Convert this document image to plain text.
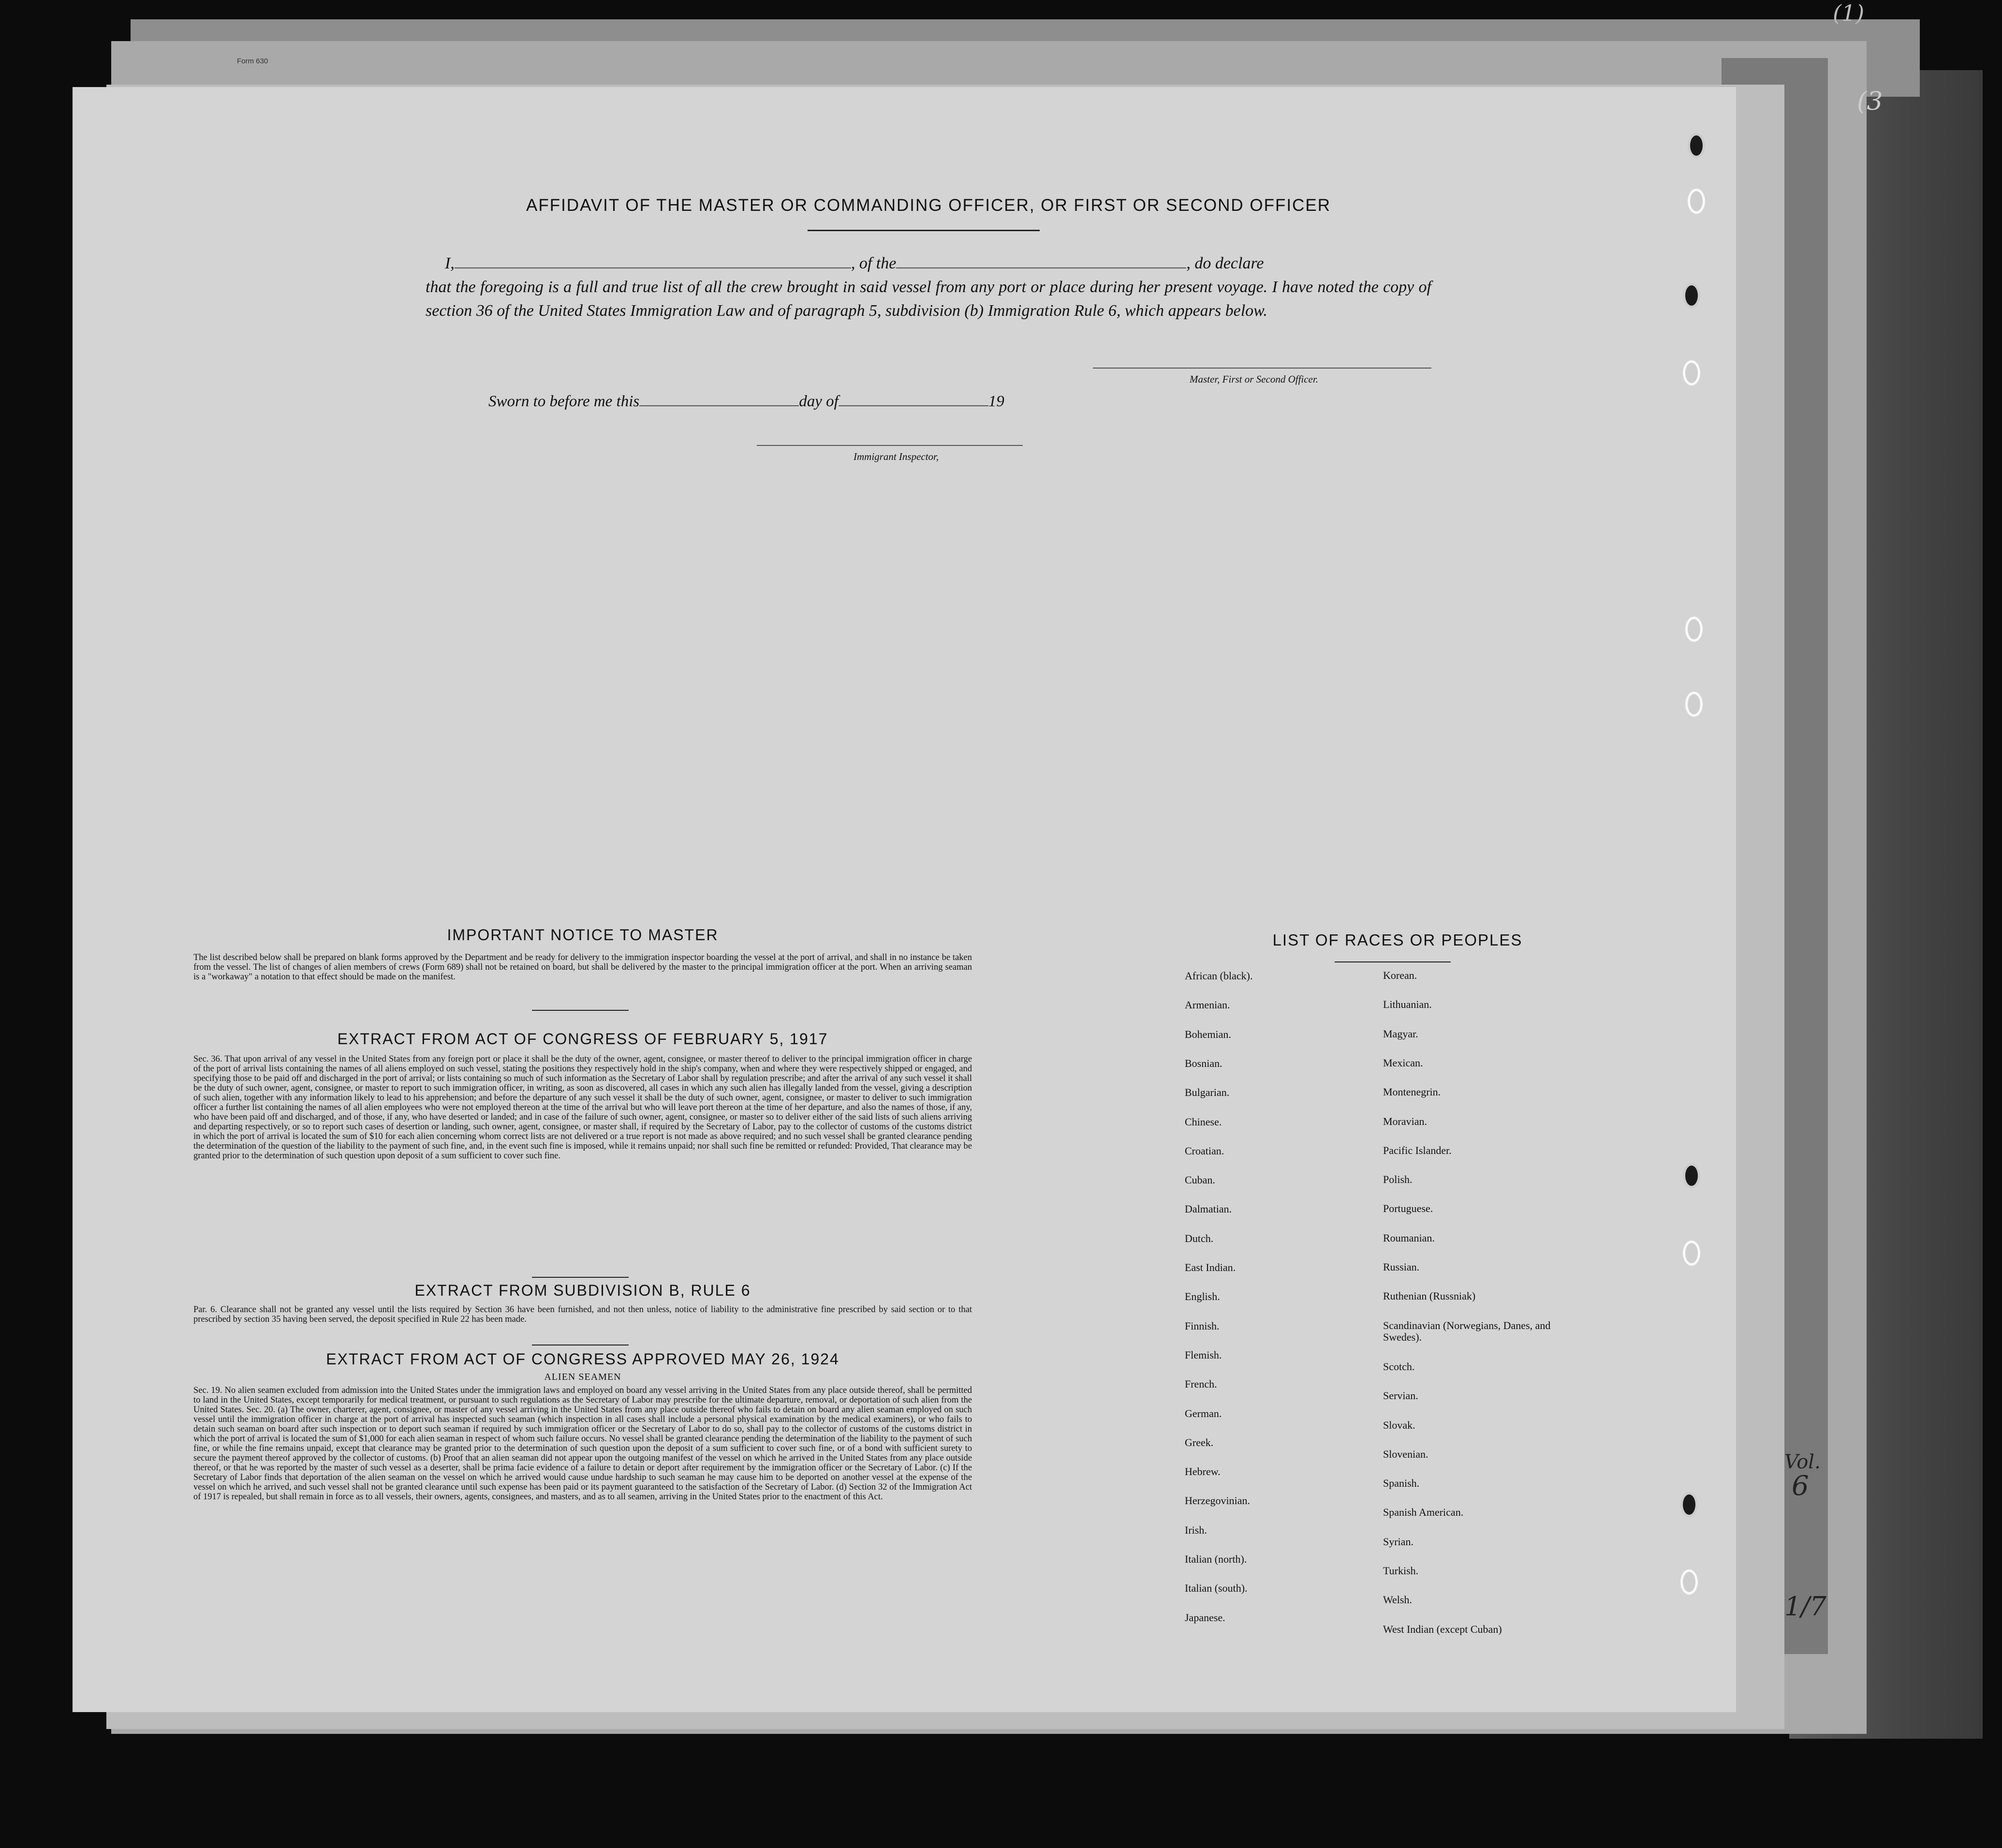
Form 630
(1)
(3
AFFIDAVIT OF THE MASTER OR COMMANDING OFFICER, OR FIRST OR SECOND OFFICER
I,	, of the	, do declare
that the foregoing is a full and true list of all the crew brought in said vessel from any port or place during her present voyage. I have noted the copy of section 36 of the United States Immigration Law and of paragraph 5, subdivision (b) Immigration Rule 6, which appears below.
Master, First or Second Officer.
Sworn to before me this	day of	19
Immigrant Inspector,
IMPORTANT NOTICE TO MASTER
The list described below shall be prepared on blank forms approved by the Department and be ready for delivery to the immigration inspector boarding the vessel at the port of arrival, and shall in no instance be taken from the vessel. The list of changes of alien members of crews (Form 689) shall not be retained on board, but shall be delivered by the master to the principal immigration officer at the port. When an arriving seaman is a "workaway" a notation to that effect should be made on the manifest.
EXTRACT FROM ACT OF CONGRESS OF FEBRUARY 5, 1917
Sec. 36. That upon arrival of any vessel in the United States from any foreign port or place it shall be the duty of the owner, agent, consignee, or master thereof to deliver to the principal immigration officer in charge of the port of arrival lists containing the names of all aliens employed on such vessel, stating the positions they respectively hold in the ship's company, when and where they were respectively shipped or engaged, and specifying those to be paid off and discharged in the port of arrival; or lists containing so much of such information as the Secretary of Labor shall by regulation prescribe; and after the arrival of any such vessel it shall be the duty of such owner, agent, consignee, or master to report to such immigration officer, in writing, as soon as discovered, all cases in which any such alien has illegally landed from the vessel, giving a description of such alien, together with any information likely to lead to his apprehension; and before the departure of any such vessel it shall be the duty of such owner, agent, consignee, or master to deliver to such immigration officer a further list containing the names of all alien employees who were not employed thereon at the time of the arrival but who will leave port thereon at the time of her departure, and also the names of those, if any, who have been paid off and discharged, and of those, if any, who have deserted or landed; and in case of the failure of such owner, agent, consignee, or master so to deliver either of the said lists of such aliens arriving and departing respectively, or so to report such cases of desertion or landing, such owner, agent, consignee, or master shall, if required by the Secretary of Labor, pay to the collector of customs of the customs district in which the port of arrival is located the sum of $10 for each alien concerning whom correct lists are not delivered or a true report is not made as above required; and no such vessel shall be granted clearance pending the determination of the question of the liability to the payment of such fine, and, in the event such fine is imposed, while it remains unpaid; nor shall such fine be remitted or refunded: Provided, That clearance may be granted prior to the determination of such question upon deposit of a sum sufficient to cover such fine.
EXTRACT FROM SUBDIVISION B, RULE 6
Par. 6. Clearance shall not be granted any vessel until the lists required by Section 36 have been furnished, and not then unless, notice of liability to the administrative fine prescribed by said section or to that prescribed by section 35 having been served, the deposit specified in Rule 22 has been made.
EXTRACT FROM ACT OF CONGRESS APPROVED MAY 26, 1924
ALIEN SEAMEN
Sec. 19. No alien seamen excluded from admission into the United States under the immigration laws and employed on board any vessel arriving in the United States from any place outside thereof, shall be permitted to land in the United States, except temporarily for medical treatment, or pursuant to such regulations as the Secretary of Labor may prescribe for the ultimate departure, removal, or deportation of such alien from the United States. Sec. 20. (a) The owner, charterer, agent, consignee, or master of any vessel arriving in the United States from any place outside thereof who fails to detain on board any alien seaman employed on such vessel until the immigration officer in charge at the port of arrival has inspected such seaman (which inspection in all cases shall include a personal physical examination by the medical examiners), or who fails to detain such seaman on board after such inspection or to deport such seaman if required by such immigration officer or the Secretary of Labor to do so, shall pay to the collector of customs of the customs district in which the port of arrival is located the sum of $1,000 for each alien seaman in respect of whom such failure occurs. No vessel shall be granted clearance pending the determination of the liability to the payment of such fine, or while the fine remains unpaid, except that clearance may be granted prior to the determination of such question upon the deposit of a sum sufficient to cover such fine, or of a bond with sufficient surety to secure the payment thereof approved by the collector of customs. (b) Proof that an alien seaman did not appear upon the outgoing manifest of the vessel on which he arrived in the United States from any place outside thereof, or that he was reported by the master of such vessel as a deserter, shall be prima facie evidence of a failure to detain or deport after requirement by the immigration officer or the Secretary of Labor. (c) If the Secretary of Labor finds that deportation of the alien seaman on the vessel on which he arrived would cause undue hardship to such seaman he may cause him to be deported on another vessel at the expense of the vessel on which he arrived, and such vessel shall not be granted clearance until such expense has been paid or its payment guaranteed to the satisfaction of the Secretary of Labor. (d) Section 32 of the Immigration Act of 1917 is repealed, but shall remain in force as to all vessels, their owners, agents, consignees, and masters, and as to all seamen, arriving in the United States prior to the enactment of this Act.
LIST OF RACES OR PEOPLES
Vol.
6
1/7
African (black).
Armenian.
Bohemian.
Bosnian.
Bulgarian.
Chinese.
Croatian.
Cuban.
Dalmatian.
Dutch.
East Indian.
English.
Finnish.
Flemish.
French.
German.
Greek.
Hebrew.
Herzegovinian.
Irish.
Italian (north).
Italian (south).
Japanese.
Korean.
Lithuanian.
Magyar.
Mexican.
Montenegrin.
Moravian.
Pacific Islander.
Polish.
Portuguese.
Roumanian.
Russian.
Ruthenian (Russniak)
Scandinavian (Norwegians, Danes, and Swedes).
Scotch.
Servian.
Slovak.
Slovenian.
Spanish.
Spanish American.
Syrian.
Turkish.
Welsh.
West Indian (except Cuban)
